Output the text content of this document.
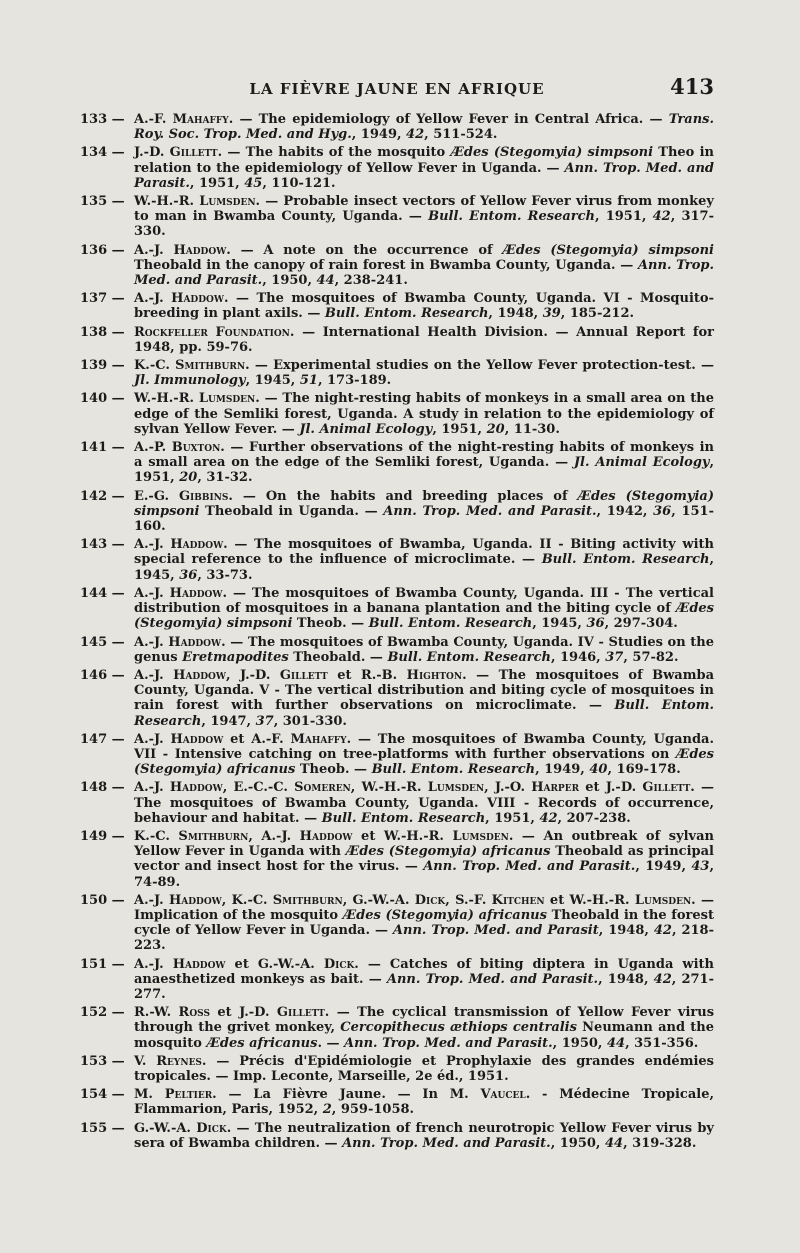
LA FIÈVRE JAUNE EN AFRIQUE	413
133 — A.-F. Mahaffy. — The epidemiology of Yellow Fever in Central Africa. — Trans. Roy. Soc. Trop. Med. and Hyg., 1949, 42, 511-524.
134 — J.-D. Gillett. — The habits of the mosquito Ædes (Stegomyia) simpsoni Theo in relation to the epidemiology of Yellow Fever in Uganda. — Ann. Trop. Med. and Parasit., 1951, 45, 110-121.
135 — W.-H.-R. Lumsden. — Probable insect vectors of Yellow Fever virus from monkey to man in Bwamba County, Uganda. — Bull. Entom. Research, 1951, 42, 317-330.
136 — A.-J. Haddow. — A note on the occurrence of Ædes (Stegomyia) simpsoni Theobald in the canopy of rain forest in Bwamba County, Uganda. — Ann. Trop. Med. and Parasit., 1950, 44, 238-241.
137 — A.-J. Haddow. — The mosquitoes of Bwamba County, Uganda. VI - Mosquito-breeding in plant axils. — Bull. Entom. Research, 1948, 39, 185-212.
138 — Rockfeller Foundation. — International Health Division. — Annual Report for 1948, pp. 59-76.
139 — K.-C. Smithburn. — Experimental studies on the Yellow Fever protection-test. — Jl. Immunology, 1945, 51, 173-189.
140 — W.-H.-R. Lumsden. — The night-resting habits of monkeys in a small area on the edge of the Semliki forest, Uganda. A study in relation to the epidemiology of sylvan Yellow Fever. — Jl. Animal Ecology, 1951, 20, 11-30.
141 — A.-P. Buxton. — Further observations of the night-resting habits of monkeys in a small area on the edge of the Semliki forest, Uganda. — Jl. Animal Ecology, 1951, 20, 31-32.
142 — E.-G. Gibbins. — On the habits and breeding places of Ædes (Stegomyia) simpsoni Theobald in Uganda. — Ann. Trop. Med. and Parasit., 1942, 36, 151-160.
143 — A.-J. Haddow. — The mosquitoes of Bwamba, Uganda. II - Biting activity with special reference to the influence of microclimate. — Bull. Entom. Research, 1945, 36, 33-73.
144 — A.-J. Haddow. — The mosquitoes of Bwamba County, Uganda. III - The vertical distribution of mosquitoes in a banana plantation and the biting cycle of Ædes (Stegomyia) simpsoni Theob. — Bull. Entom. Research, 1945, 36, 297-304.
145 — A.-J. Haddow. — The mosquitoes of Bwamba County, Uganda. IV - Studies on the genus Eretmapodites Theobald. — Bull. Entom. Research, 1946, 37, 57-82.
146 — A.-J. Haddow, J.-D. Gillett et R.-B. Highton. — The mosquitoes of Bwamba County, Uganda. V - The vertical distribution and biting cycle of mosquitoes in rain forest with further observations on microclimate. — Bull. Entom. Research, 1947, 37, 301-330.
147 — A.-J. Haddow et A.-F. Mahaffy. — The mosquitoes of Bwamba County, Uganda. VII - Intensive catching on tree-platforms with further observations on Ædes (Stegomyia) africanus Theob. — Bull. Entom. Research, 1949, 40, 169-178.
148 — A.-J. Haddow, E.-C.-C. Someren, W.-H.-R. Lumsden, J.-O. Harper et J.-D. Gillett. — The mosquitoes of Bwamba County, Uganda. VIII - Records of occurrence, behaviour and habitat. — Bull. Entom. Research, 1951, 42, 207-238.
149 — K.-C. Smithburn, A.-J. Haddow et W.-H.-R. Lumsden. — An outbreak of sylvan Yellow Fever in Uganda with Ædes (Stegomyia) africanus Theobald as principal vector and insect host for the virus. — Ann. Trop. Med. and Parasit., 1949, 43, 74-89.
150 — A.-J. Haddow, K.-C. Smithburn, G.-W.-A. Dick, S.-F. Kitchen et W.-H.-R. Lumsden. — Implication of the mosquito Ædes (Stegomyia) africanus Theobald in the forest cycle of Yellow Fever in Uganda. — Ann. Trop. Med. and Parasit, 1948, 42, 218-223.
151 — A.-J. Haddow et G.-W.-A. Dick. — Catches of biting diptera in Uganda with anaesthetized monkeys as bait. — Ann. Trop. Med. and Parasit., 1948, 42, 271-277.
152 — R.-W. Ross et J.-D. Gillett. — The cyclical transmission of Yellow Fever virus through the grivet monkey, Cercopithecus æthiops centralis Neumann and the mosquito Ædes africanus. — Ann. Trop. Med. and Parasit., 1950, 44, 351-356.
153 — V. Reynes. — Précis d'Epidémiologie et Prophylaxie des grandes endémies tropicales. — Imp. Leconte, Marseille, 2e éd., 1951.
154 — M. Peltier. — La Fièvre Jaune. — In M. Vaucel. - Médecine Tropicale, Flammarion, Paris, 1952, 2, 959-1058.
155 — G.-W.-A. Dick. — The neutralization of french neurotropic Yellow Fever virus by sera of Bwamba children. — Ann. Trop. Med. and Parasit., 1950, 44, 319-328.
